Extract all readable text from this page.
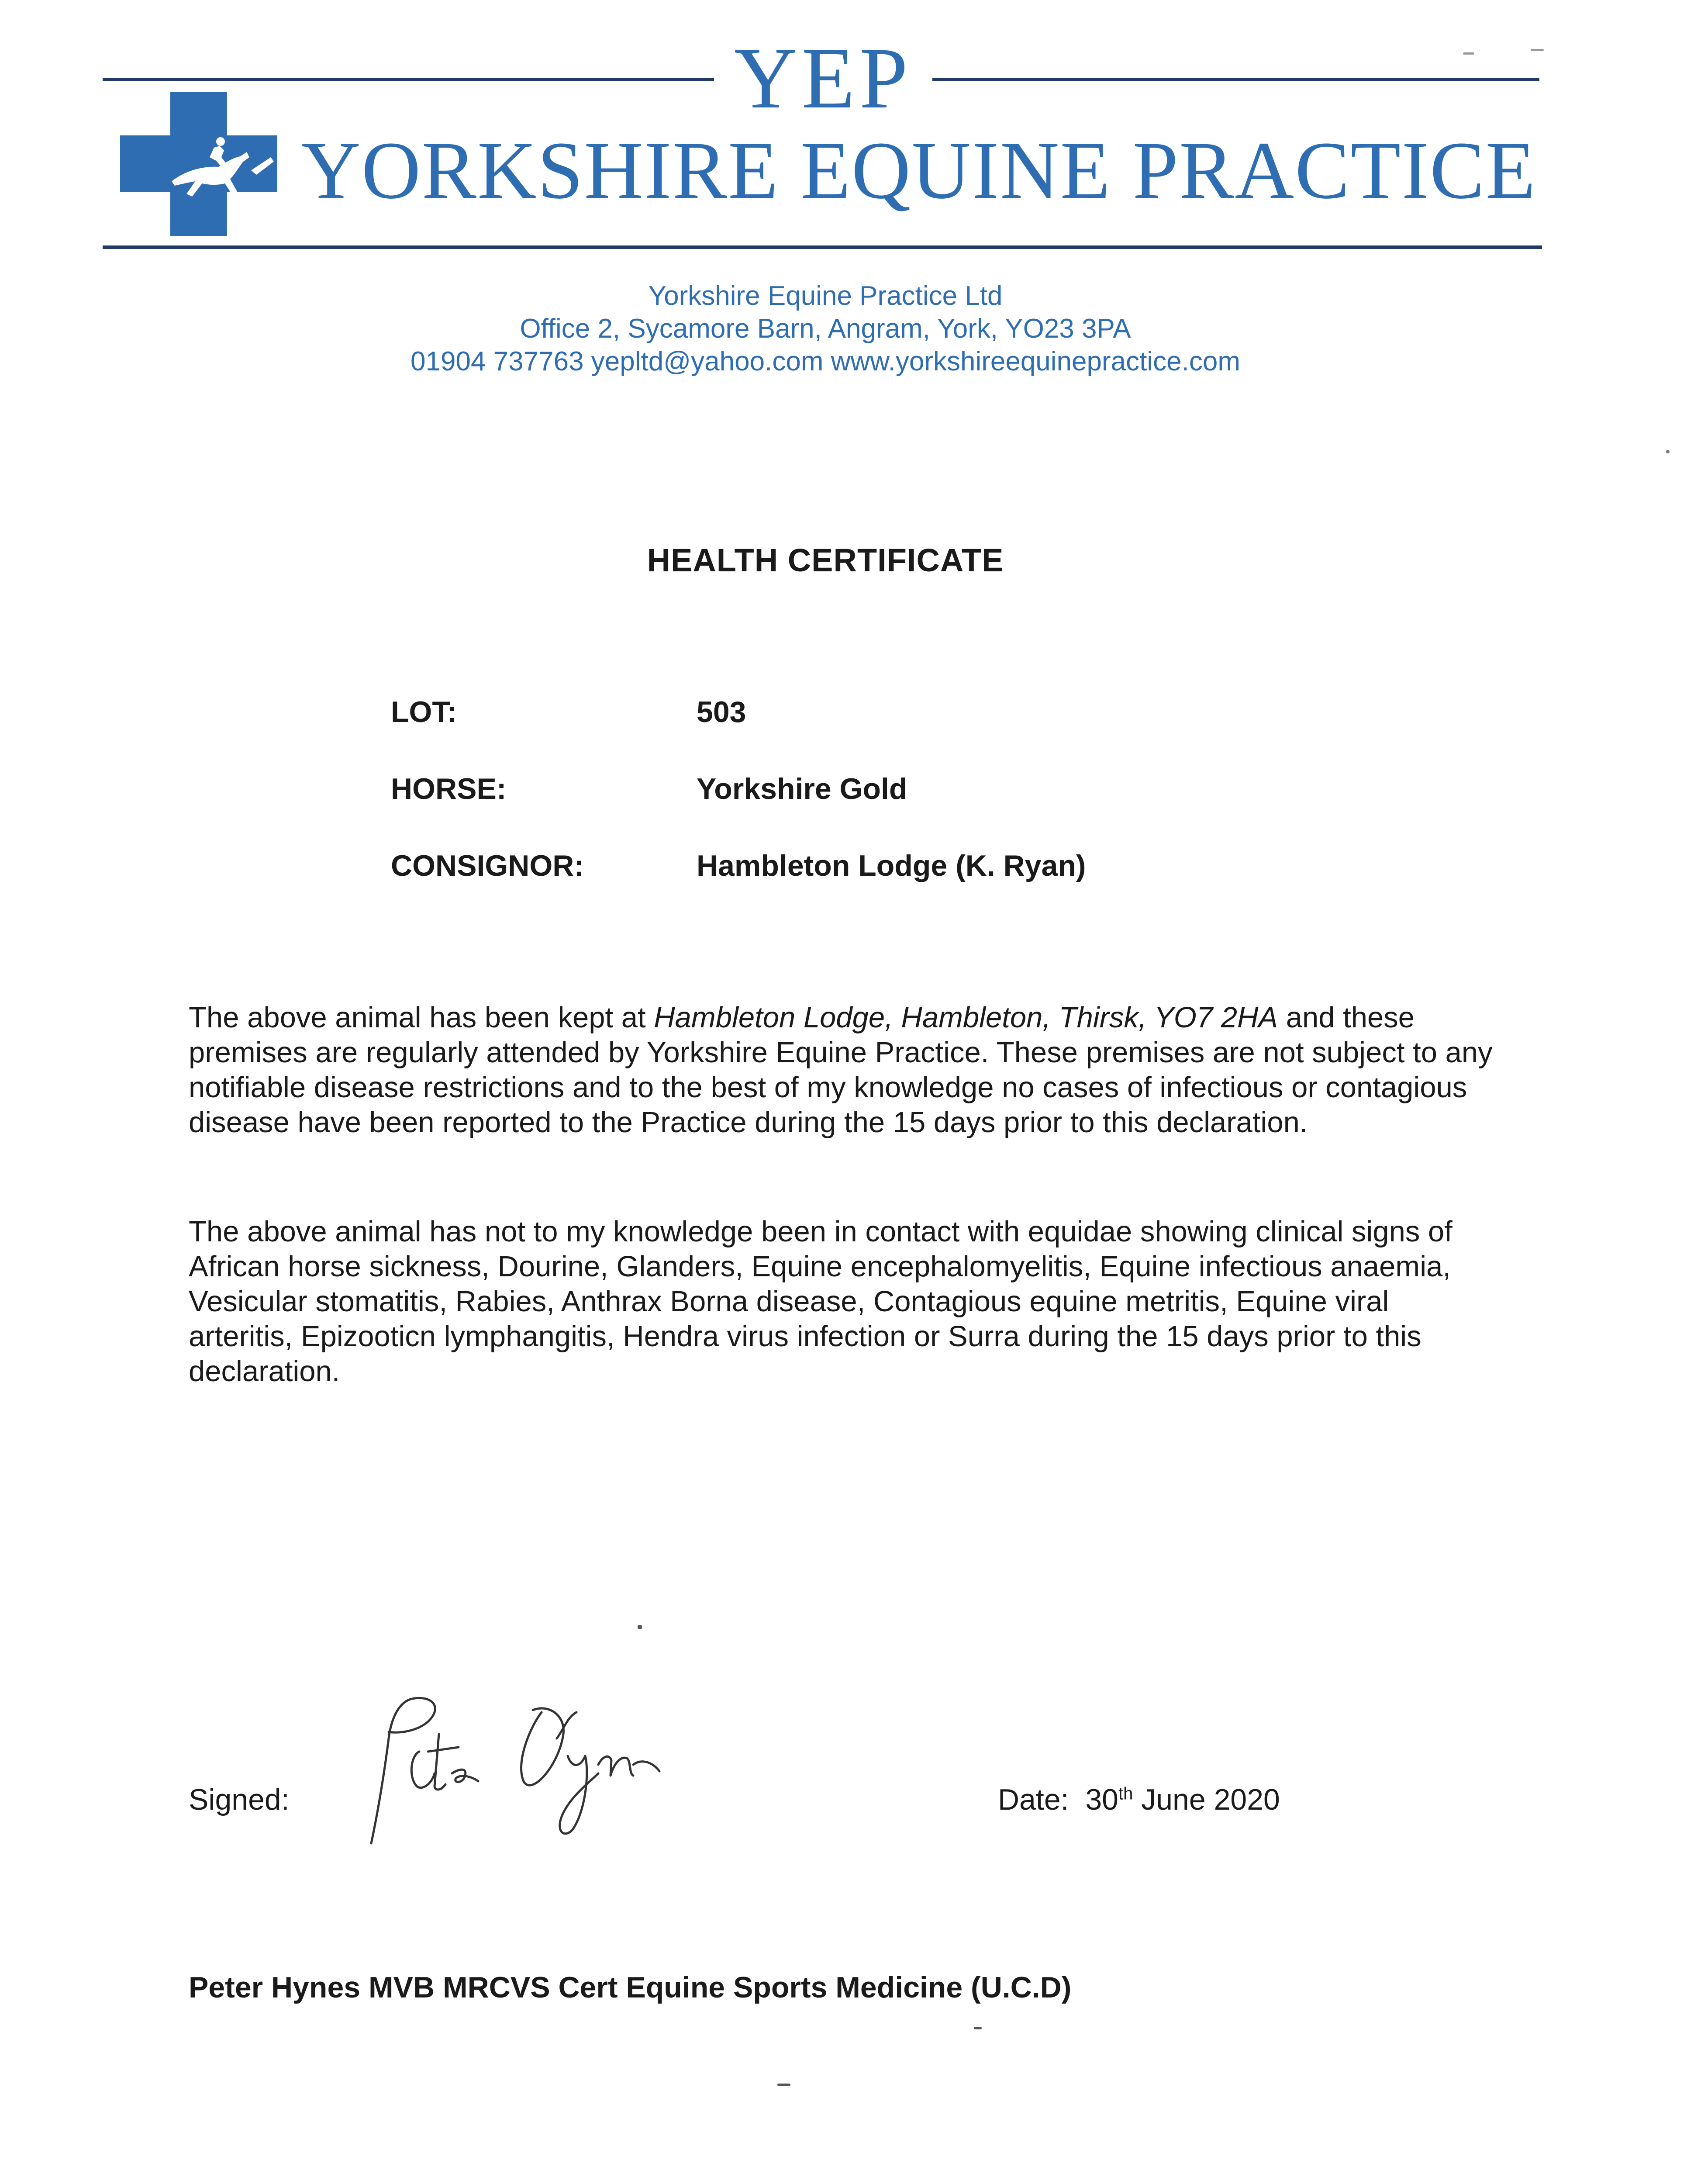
YEP
YORKSHIRE EQUINE PRACTICE
Yorkshire Equine Practice Ltd
Office 2, Sycamore Barn, Angram, York, YO23 3PA
01904 737763 yepltd@yahoo.com www.yorkshireequinepractice.com
HEALTH CERTIFICATE
LOT:	503
HORSE:	Yorkshire Gold
CONSIGNOR:	Hambleton Lodge (K. Ryan)
The above animal has been kept at Hambleton Lodge, Hambleton, Thirsk, YO7 2HA and these premises are regularly attended by Yorkshire Equine Practice. These premises are not subject to any notifiable disease restrictions and to the best of my knowledge no cases of infectious or contagious disease have been reported to the Practice during the 15 days prior to this declaration.
The above animal has not to my knowledge been in contact with equidae showing clinical signs of African horse sickness, Dourine, Glanders, Equine encephalomyelitis, Equine infectious anaemia, Vesicular stomatitis, Rabies, Anthrax Borna disease, Contagious equine metritis, Equine viral arteritis, Epizooticn lymphangitis, Hendra virus infection or Surra during the 15 days prior to this declaration.
Signed:	Date: 30th June 2020
Peter Hynes MVB MRCVS Cert Equine Sports Medicine (U.C.D)
